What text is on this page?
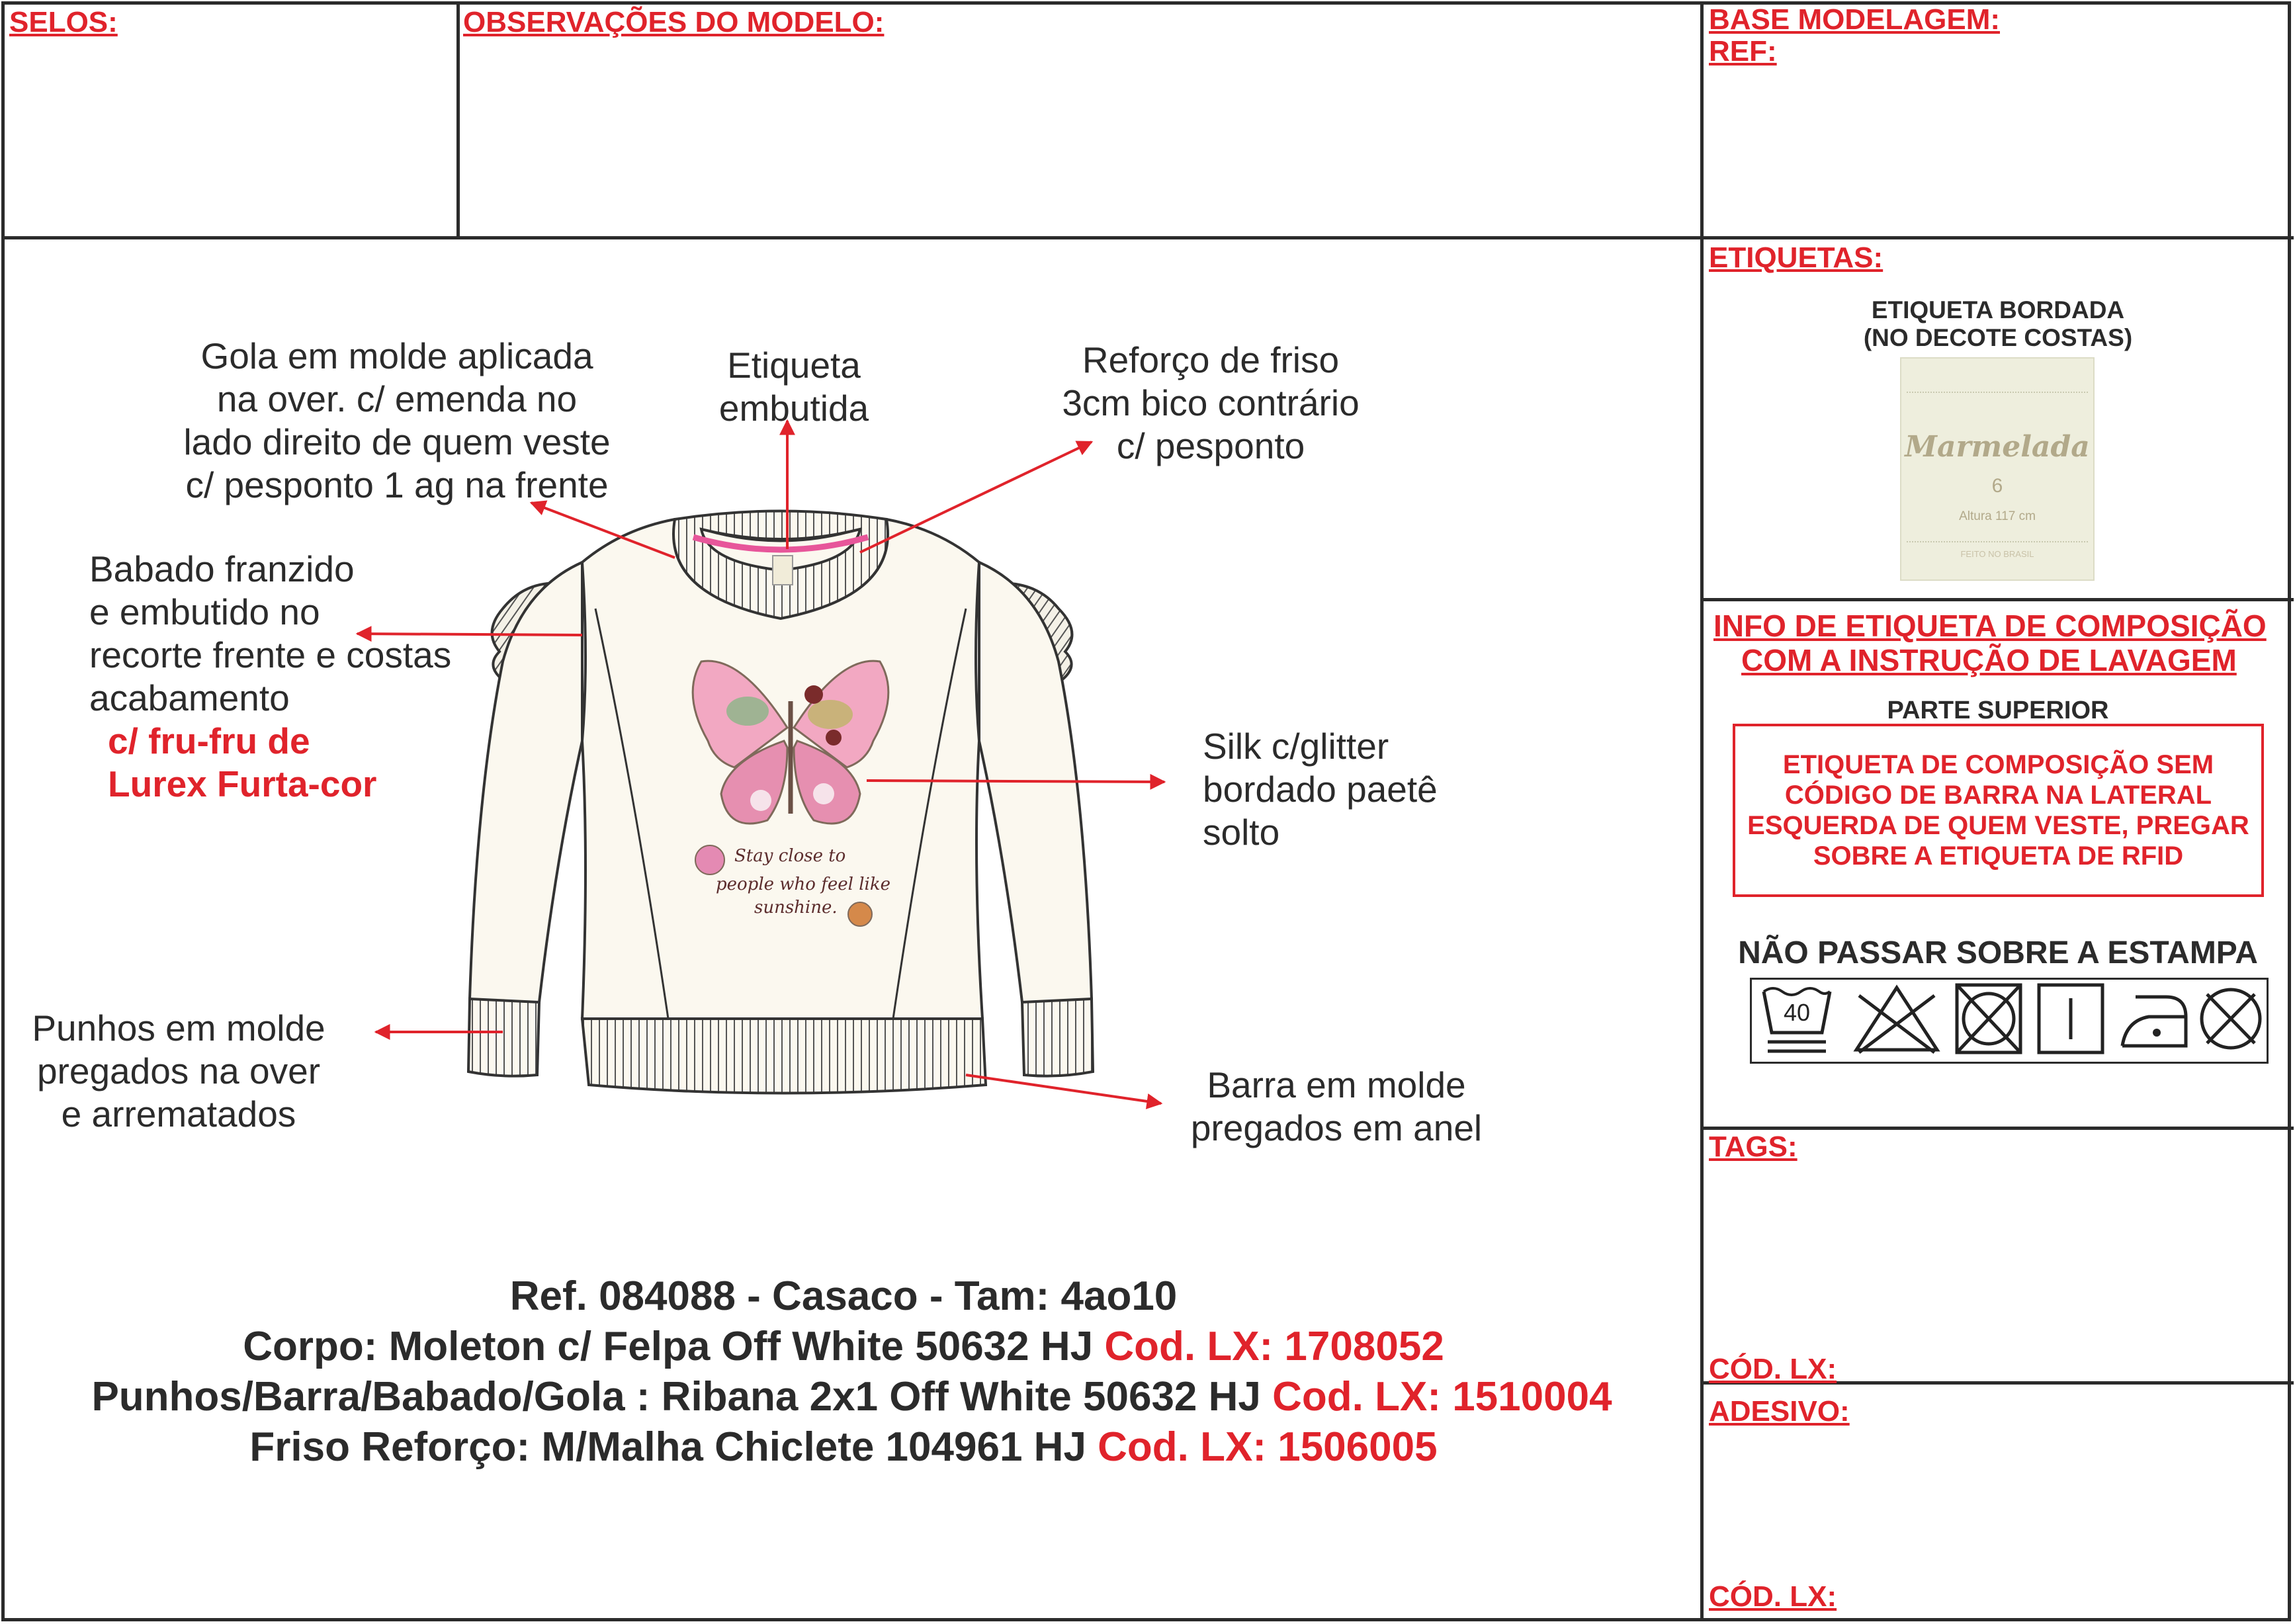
SELOS:	OBSERVAÇÕES DO MODELO:	BASE MODELAGEM:
REF:
ETIQUETAS:
INFO DE ETIQUETA DE COMPOSIÇÃO
COM A INSTRUÇÃO DE LAVAGEM
TAGS:
CÓD. LX:
ADESIVO:
CÓD. LX:
ETIQUETA BORDADA
(NO DECOTE COSTAS)
Marmelada
6
Altura 117 cm
FEITO NO BRASIL
PARTE SUPERIOR
ETIQUETA DE COMPOSIÇÃO SEM
CÓDIGO DE BARRA NA LATERAL
ESQUERDA DE QUEM VESTE, PREGAR
SOBRE A ETIQUETA DE RFID
NÃO PASSAR SOBRE A ESTAMPA
40
Stay close to
people who feel like
sunshine.
Gola em molde aplicada
na over. c/ emenda no
lado direito de quem veste
c/ pesponto 1 ag na frente
Etiqueta
embutida
Reforço de friso
3cm bico contrário
c/ pesponto
Babado franzido
e embutido no
recorte frente e costas
acabamento
c/ fru-fru de
Lurex Furta-cor
Silk c/glitter
bordado paetê
solto
Punhos em molde
pregados na over
e arrematados
Barra em molde
pregados em anel
Ref. 084088 - Casaco - Tam: 4ao10
Corpo: Moleton c/ Felpa Off White 50632 HJ Cod. LX: 1708052
Punhos/Barra/Babado/Gola : Ribana 2x1 Off White 50632 HJ Cod. LX: 1510004
Friso Reforço: M/Malha Chiclete 104961 HJ Cod. LX: 1506005
